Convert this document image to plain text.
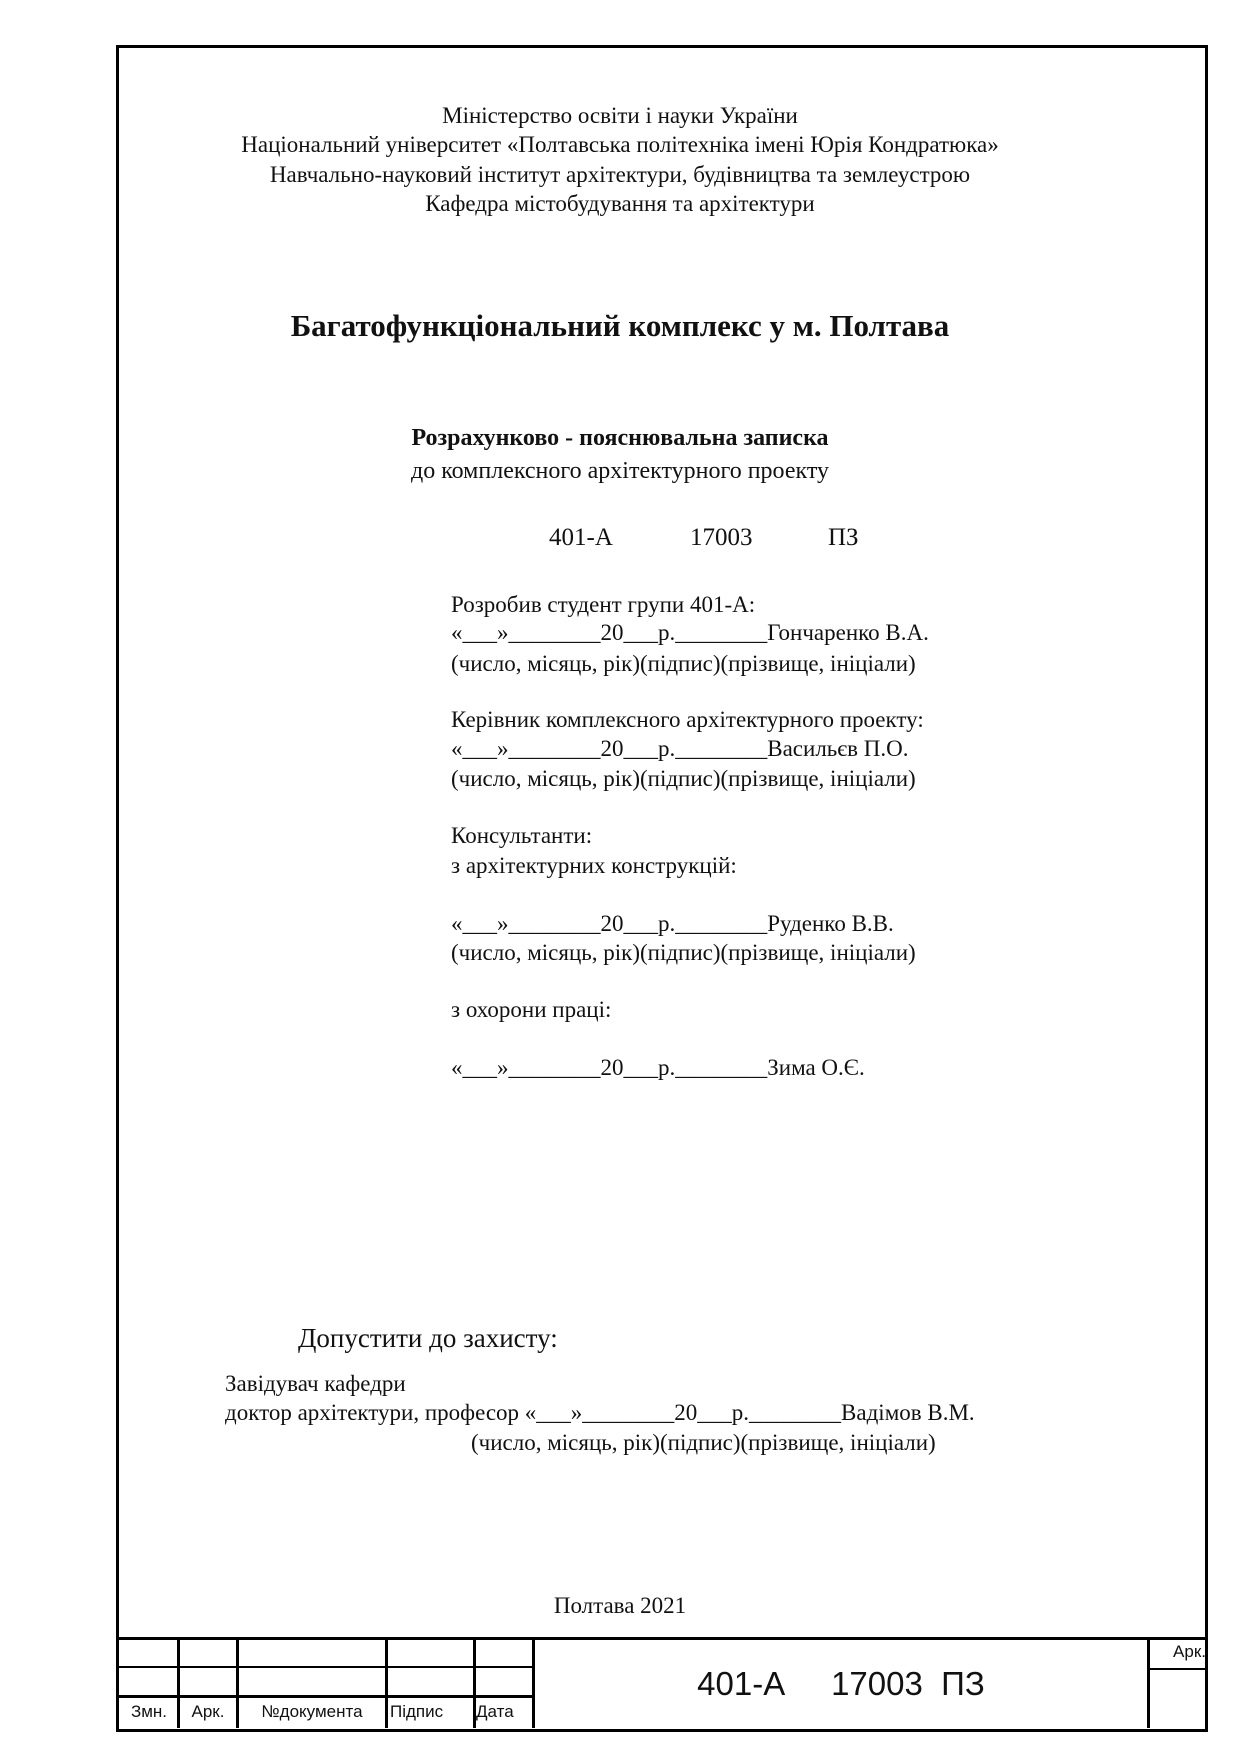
Міністерство освіти і науки України
Національний університет «Полтавська політехніка імені Юрія Кондратюка»
Навчально-науковий інститут архітектури, будівництва та землеустрою
Кафедра містобудування та архітектури
Багатофункціональний комплекс у м. Полтава
Розрахунково - пояснювальна записка
до комплексного архітектурного проекту
401-А	17003	ПЗ
Розробив студент групи 401-А:
«___»________20___р.________Гончаренко В.А.
(число, місяць, рік)(підпис)(прізвище, ініціали)
Керівник комплексного архітектурного проекту:
«___»________20___р.________Васильєв П.О.
(число, місяць, рік)(підпис)(прізвище, ініціали)
Консультанти:
з архітектурних конструкцій:
«___»________20___р.________Руденко В.В.
(число, місяць, рік)(підпис)(прізвище, ініціали)
з охорони праці:
«___»________20___р.________Зима О.Є.
Допустити до захисту:
Завідувач кафедри
доктор архітектури, професор «___»________20___р.________Вадімов В.М.
(число, місяць, рік)(підпис)(прізвище, ініціали)
Полтава 2021
Змн.	Арк.	№документа	Підпис	Дата
Арк.
401-А     17003  ПЗ
